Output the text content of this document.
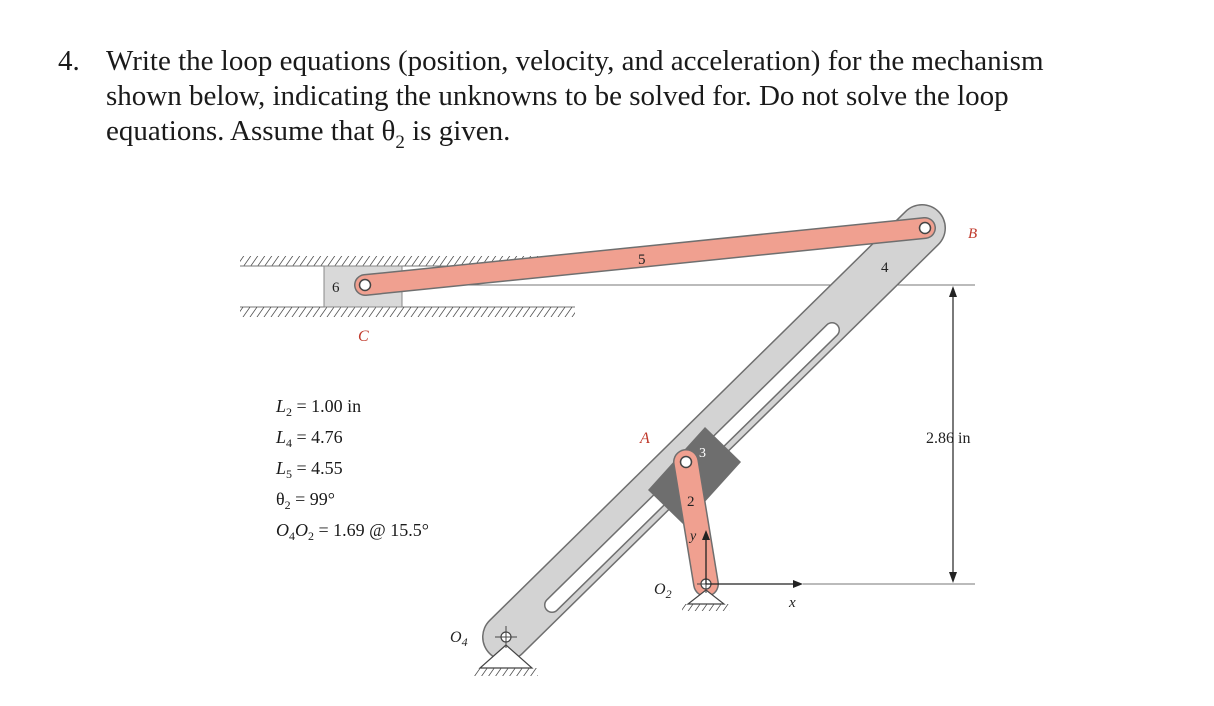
4. Write the loop equations (position, velocity, and acceleration) for the mechanism
shown below, indicating the unknowns to be solved for. Do not solve the loop
equations. Assume that $\theta_2$ is given.
5
6
C
B
4
A
3
2
y
x
$O_2$
$O_4$
2.86 in
$L_2 = 1.00$ in
$L_4 = 4.76$
$L_5 = 4.55$
$\theta_2 = 99^\circ$
$O_4O_2 = 1.69$ @ 15.5°
